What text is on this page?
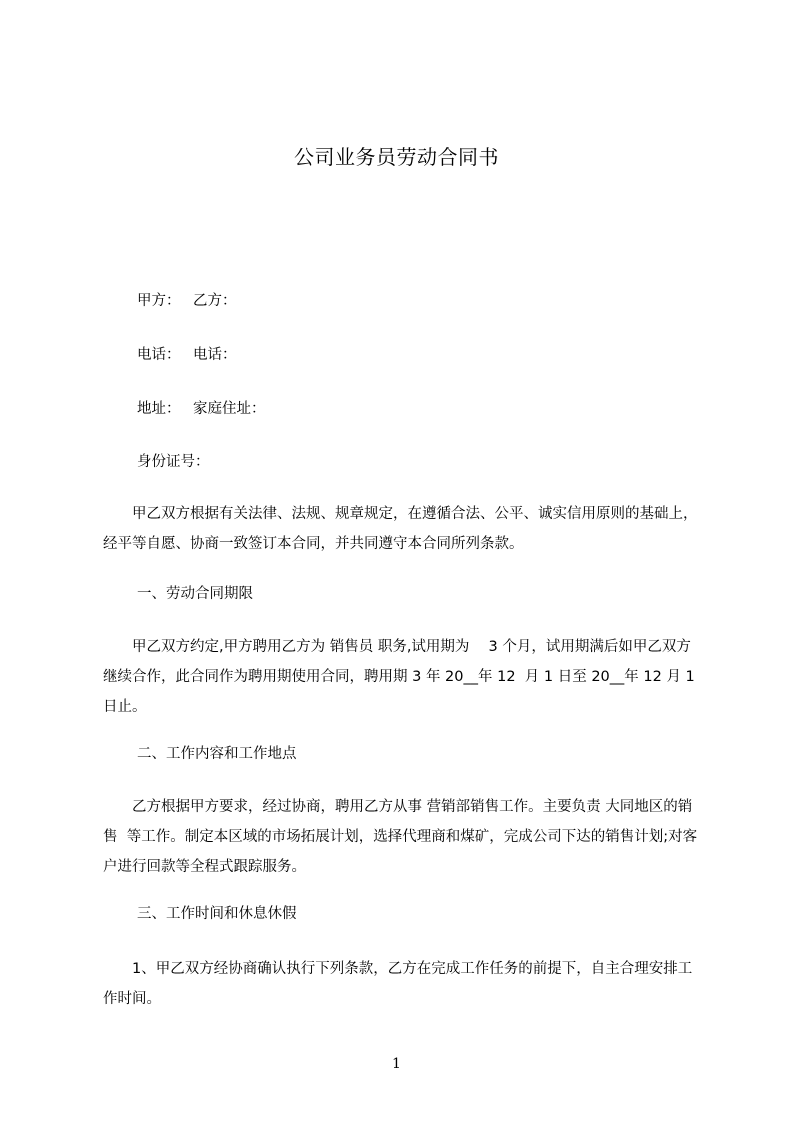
公司业务员劳动合同书
甲方： 乙方：
电话： 电话：
地址： 家庭住址：
身份证号：

　　甲乙双方根据有关法律、法规、规章规定，在遵循合法、公平、诚实信用原则的基础上，经平等自愿、协商一致签订本合同，并共同遵守本合同所列条款。

一、劳动合同期限

　　甲乙双方约定,甲方聘用乙方为 销售员 职务,试用期为　 3 个月，试用期满后如甲乙双方继续合作，此合同作为聘用期使用合同，聘用期 3 年 20__年 12  月 1 日至 20__年 12 月 1 日止。

二、工作内容和工作地点

　　乙方根据甲方要求，经过协商，聘用乙方从事 营销部销售工作。主要负责 大同地区的销售  等工作。制定本区域的市场拓展计划，选择代理商和煤矿，完成公司下达的销售计划;对客户进行回款等全程式跟踪服务。

三、工作时间和休息休假

　　1、甲乙双方经协商确认执行下列条款，乙方在完成工作任务的前提下，自主合理安排工作时间。

1
